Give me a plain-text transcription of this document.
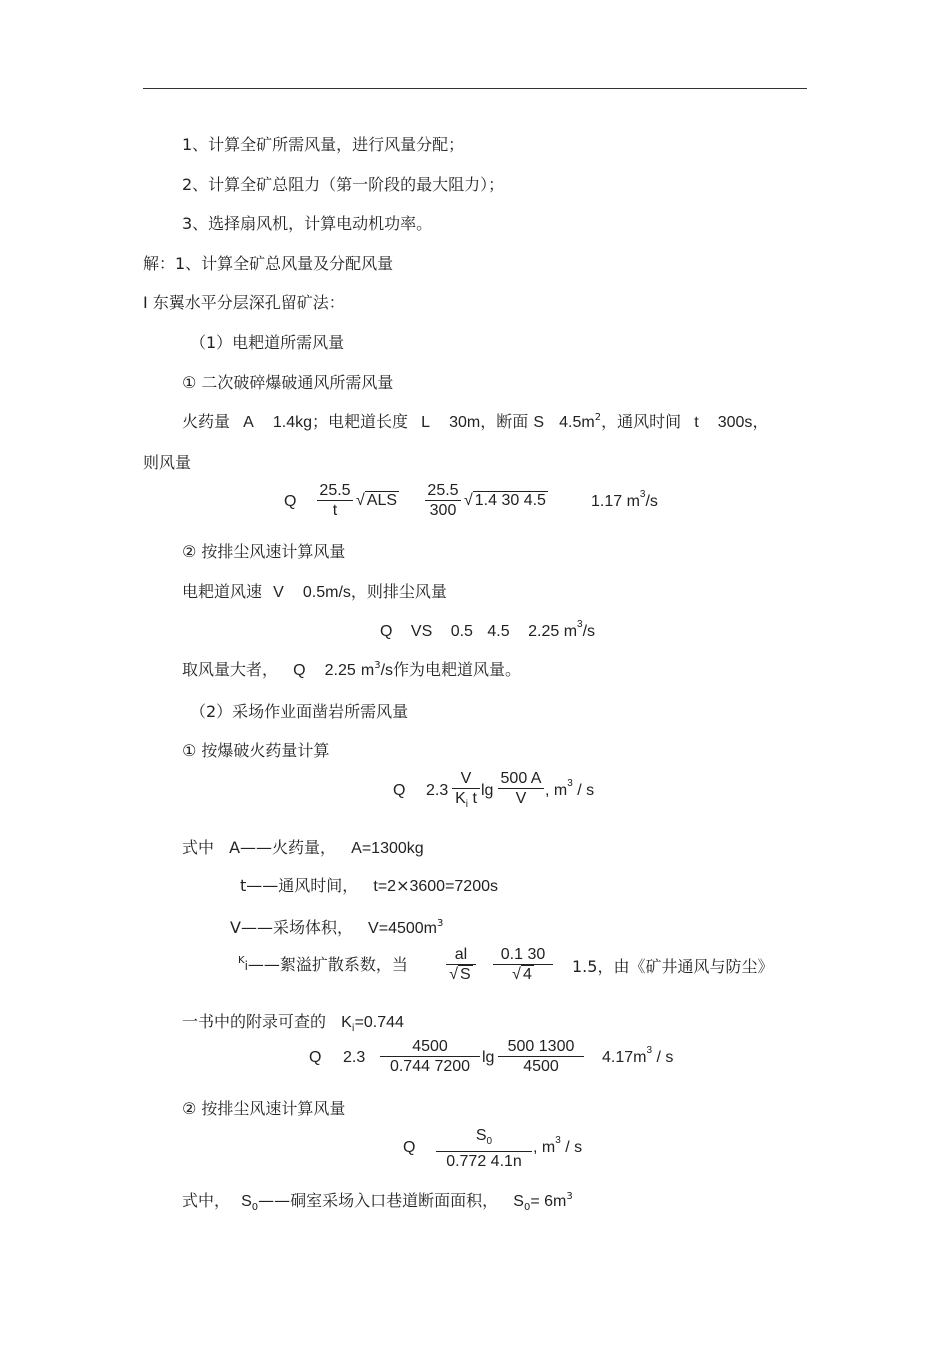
1、计算全矿所需风量，进行风量分配；
2、计算全矿总阻力（第一阶段的最大阻力）；
3、选择扇风机，计算电动机功率。
解：1、计算全矿总风量及分配风量
Ⅰ 东翼水平分层深孔留矿法：
（1）电耙道所需风量
① 二次破碎爆破通风所需风量
火药量 A 1.4kg；电耙道长度 L 30m，断面 S $4.5m^2$，通风时间 t 300s，
则风量
Q $\frac{25.5}{t}$ √ ALS $\frac{25.5}{300}$ √ 1.4 30 4.5	1.17 $m^3/s$
② 按排尘风速计算风量
电耙道风速 V 0.5m/s，则排尘风量
Q VS 0.5 4.5 2.25 $m^3/s$
取风量大者， Q 2.25 $m^3/s$作为电耙道风量。
（2）采场作业面凿岩所需风量
① 按爆破火药量计算
Q $2.3 \frac{V}{K_i t}$ $\lg \frac{500 A}{V}$ , $m^3$ / s
式中 A——火药量， A=1300kg
t——通风时间， t=2×3600=7200s
V——采场体积， $V=4500m^3$
$^K$i——絮溢扩散系数，当 $\frac{al}{√ S} \frac{0.1 30}{√ 4} 1.5$，由《矿井通风与防尘》
一书中的附录可查的 $K_i=0.744$
Q $2.3 \frac{4500}{0.744 7200}$ $\lg \frac{500 1300}{4500} 4.17m^3$ / s
② 按排尘风速计算风量
Q $\frac{S_0}{0.772 4.1n}$ , $m^3$ / s
式中， $S_0——$硐室采场入口巷道断面面积， $S_0= 6m^3$
